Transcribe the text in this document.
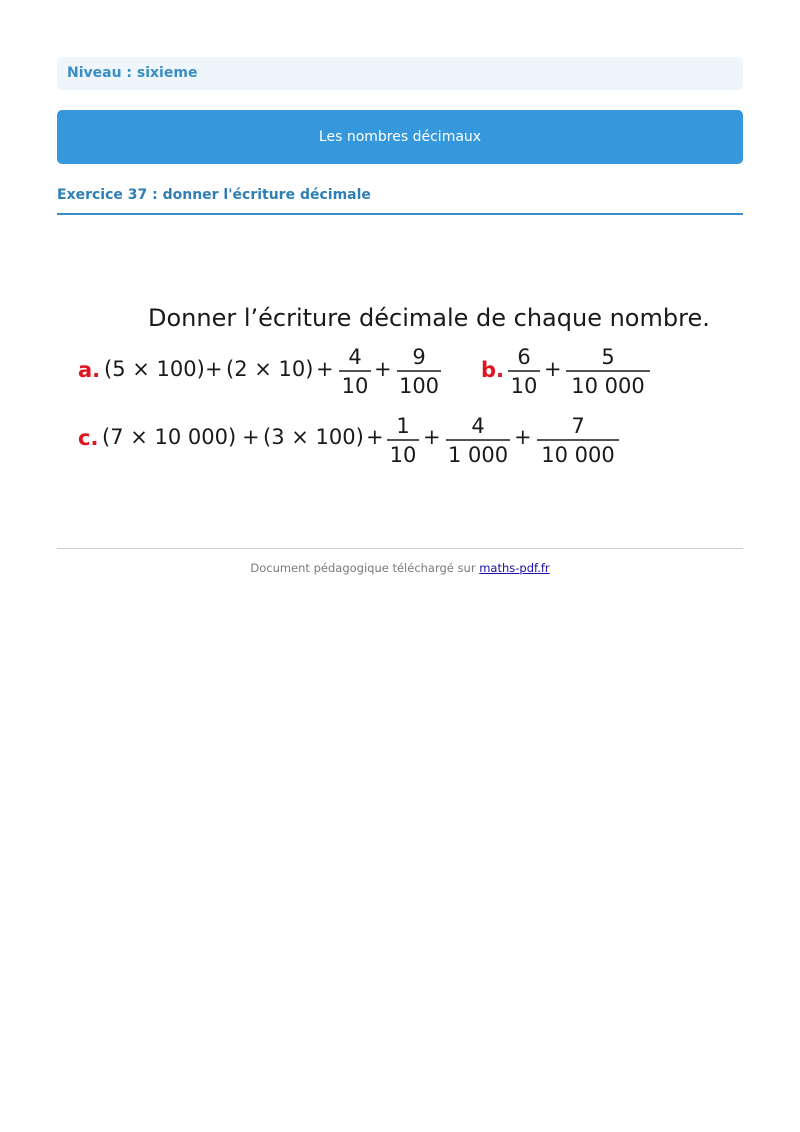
Niveau : sixieme
Les nombres décimaux
Exercice 37 : donner l'écriture décimale
Donner l’écriture décimale de chaque nombre.
a. (5 × 100) + (2 × 10) + 4
10
+ 9
100
b.
6
10
+ 5
10 000
c. (7 × 10 000) + (3 × 100) + 1
10
+ 4
1 000
+ 7
10 000
Document pédagogique téléchargé sur maths-pdf.fr
